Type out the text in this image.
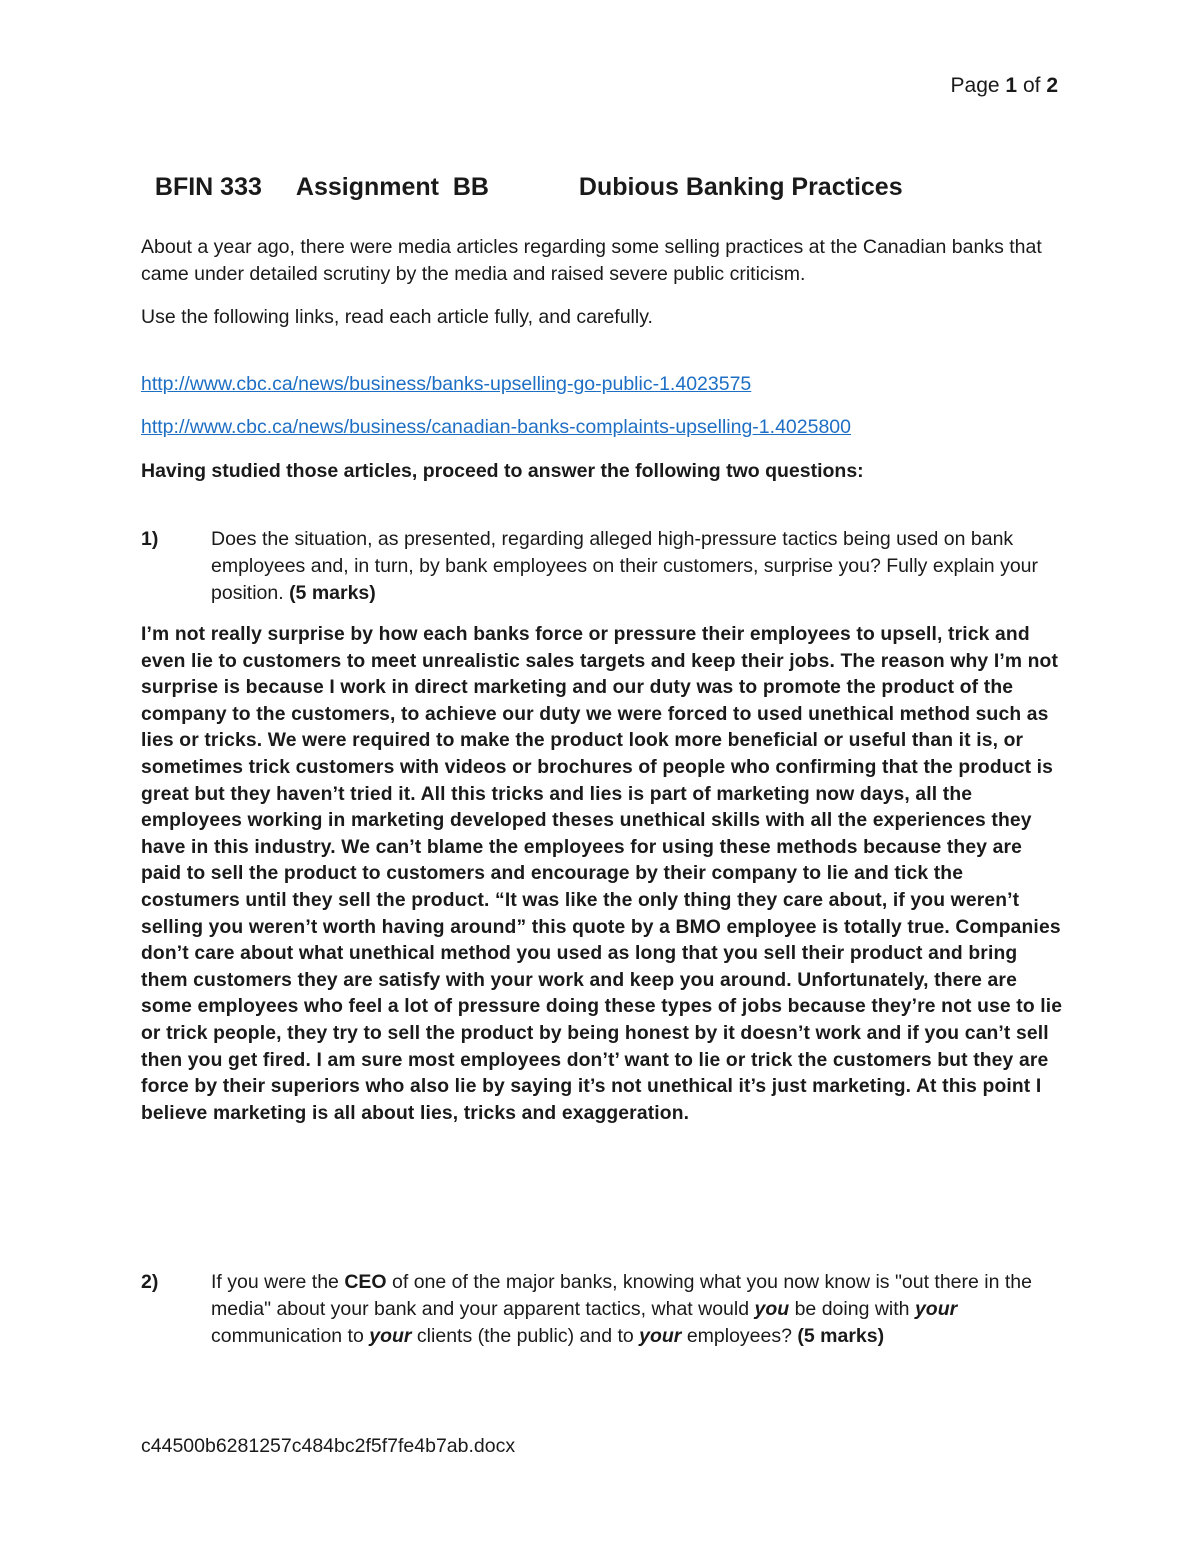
Page 1 of 2

BFIN 333 Assignment  BB	Dubious Banking Practices

About a year ago, there were media articles regarding some selling practices at the Canadian banks that came under detailed scrutiny by the media and raised severe public criticism.
Use the following links, read each article fully, and carefully.
http://www.cbc.ca/news/business/banks-upselling-go-public-1.4023575
http://www.cbc.ca/news/business/canadian-banks-complaints-upselling-1.4025800
Having studied those articles, proceed to answer the following two questions:
1)	Does the situation, as presented, regarding alleged high-pressure tactics being used on bank employees and, in turn, by bank employees on their customers, surprise you? Fully explain your position. (5 marks)
I’m not really surprise by how each banks force or pressure their employees to upsell, trick and even lie to customers to meet unrealistic sales targets and keep their jobs. The reason why I’m not surprise is because I work in direct marketing and our duty was to promote the product of the company to the customers, to achieve our duty we were forced to used unethical method such as lies or tricks. We were required to make the product look more beneficial or useful than it is, or sometimes trick customers with videos or brochures of people who confirming that the product is great but they haven’t tried it. All this tricks and lies is part of marketing now days, all the employees working in marketing developed theses unethical skills with all the experiences they have in this industry. We can’t blame the employees for using these methods because they are paid to sell the product to customers and encourage by their company to lie and tick the costumers until they sell the product. “It was like the only thing they care about, if you weren’t selling you weren’t worth having around” this quote by a BMO employee is totally true. Companies don’t care about what unethical method you used as long that you sell their product and bring them customers they are satisfy with your work and keep you around. Unfortunately, there are some employees who feel a lot of pressure doing these types of jobs because they’re not use to lie or trick people, they try to sell the product by being honest by it doesn’t work and if you can’t sell then you get fired. I am sure most employees don’t’ want to lie or trick the customers but they are force by their superiors who also lie by saying it’s not unethical it’s just marketing. At this point I believe marketing is all about lies, tricks and exaggeration.
2)	If you were the CEO of one of the major banks, knowing what you now know is "out there in the media" about your bank and your apparent tactics, what would you be doing with your communication to your clients (the public) and to your employees? (5 marks)
c44500b6281257c484bc2f5f7fe4b7ab.docx
